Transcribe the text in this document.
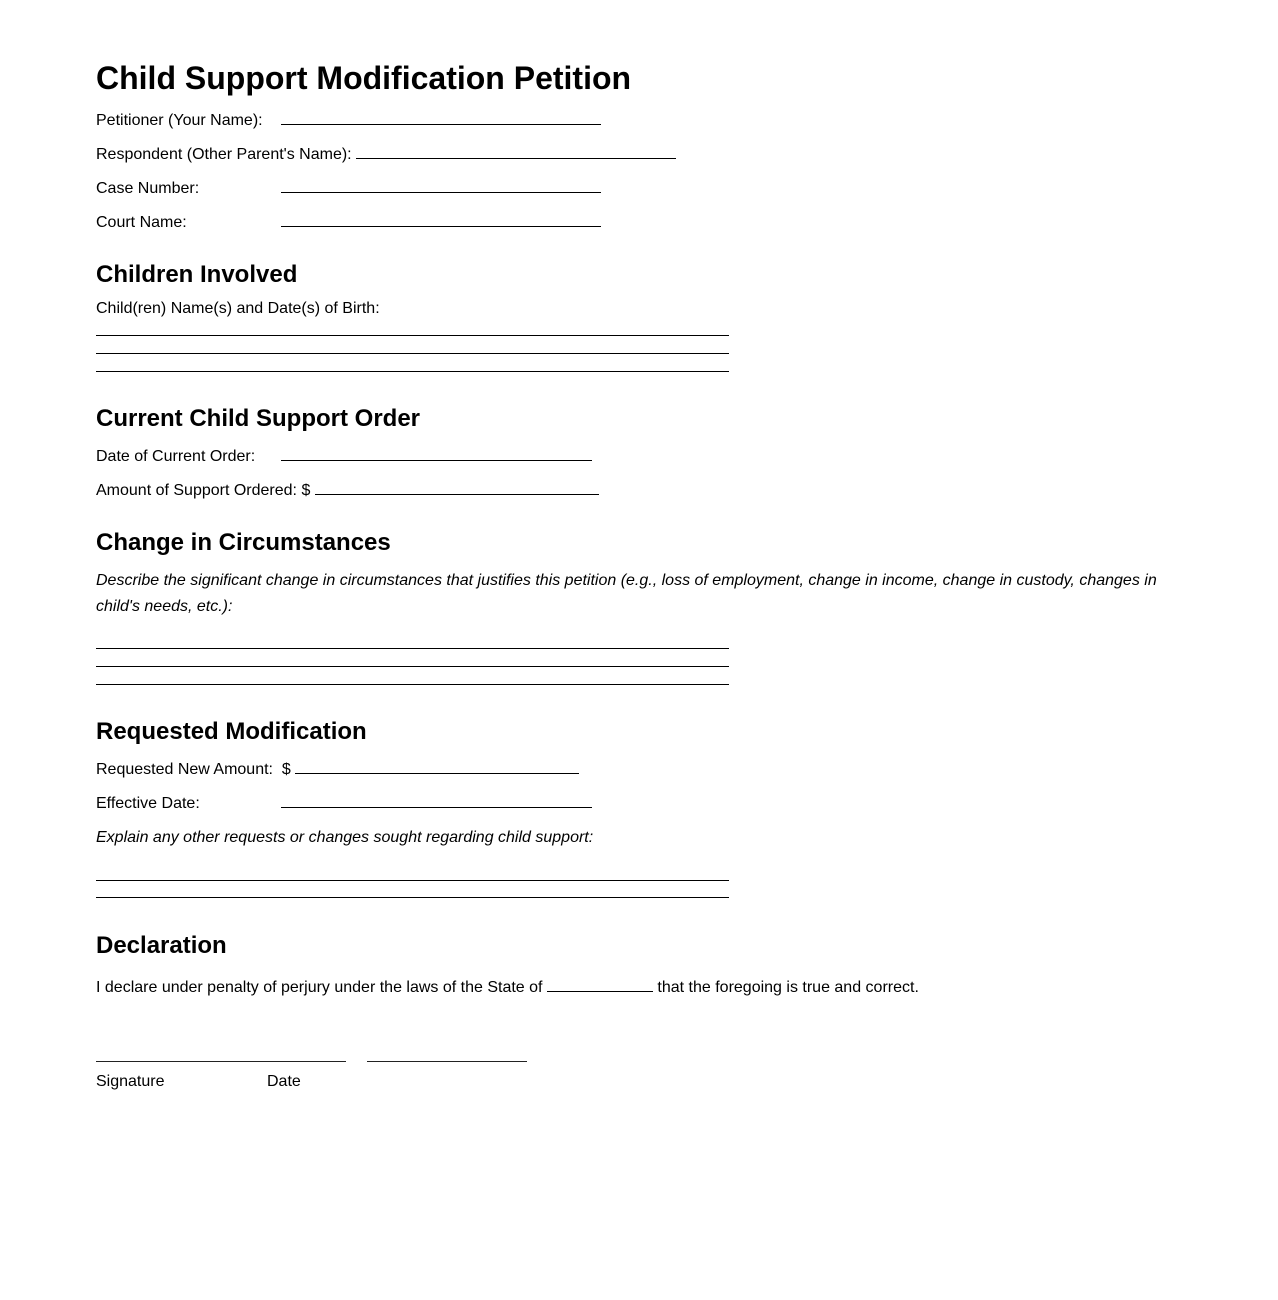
Child Support Modification Petition
Petitioner (Your Name):
Respondent (Other Parent's Name):
Case Number:
Court Name:
Children Involved
Child(ren) Name(s) and Date(s) of Birth:
Current Child Support Order
Date of Current Order:
Amount of Support Ordered: $
Change in Circumstances
Describe the significant change in circumstances that justifies this petition (e.g., loss of employment, change in income, change in custody, changes in child's needs, etc.):
Requested Modification
Requested New Amount:  $
Effective Date:
Explain any other requests or changes sought regarding child support:
Declaration
I declare under penalty of perjury under the laws of the State of	that the foregoing is true and correct.
Signature	Date
